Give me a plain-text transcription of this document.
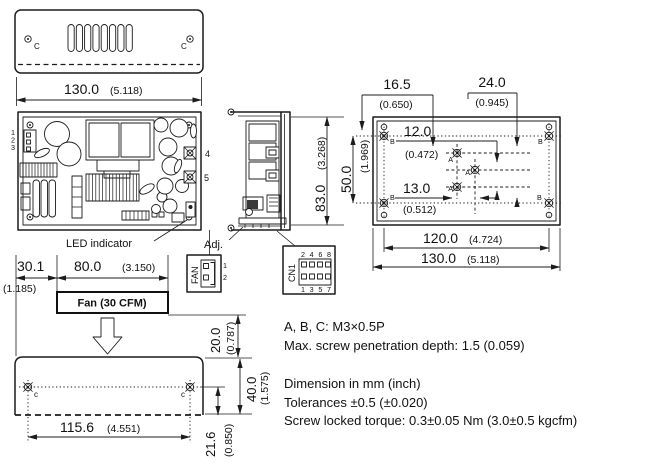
C	C
130.0 (5.118)
1
2
3
4
5
LED indicator	Adj.
30.1
(1.185)
80.0 (3.150)
Fan (30 CFM)
FAN
1
2	CN1
2 4 6 8
1 3 5 7
83.0
(3.268)
50.0
(1.969)	B	B
B	B
A
A
A
16.5
(0.650)
24.0
(0.945)
12.0
(0.472)
13.0
(0.512)
120.0 (4.724)
130.0 (5.118)
c	c
115.6 (4.551)
20.0 (0.787)
40.0 (1.575)
21.6 (0.850)
A, B, C: M3×0.5P
Max. screw penetration depth: 1.5 (0.059)
Dimension in mm (inch)
Tolerances ±0.5 (±0.020)
Screw locked torque: 0.3±0.05 Nm (3.0±0.5 kgcfm)
